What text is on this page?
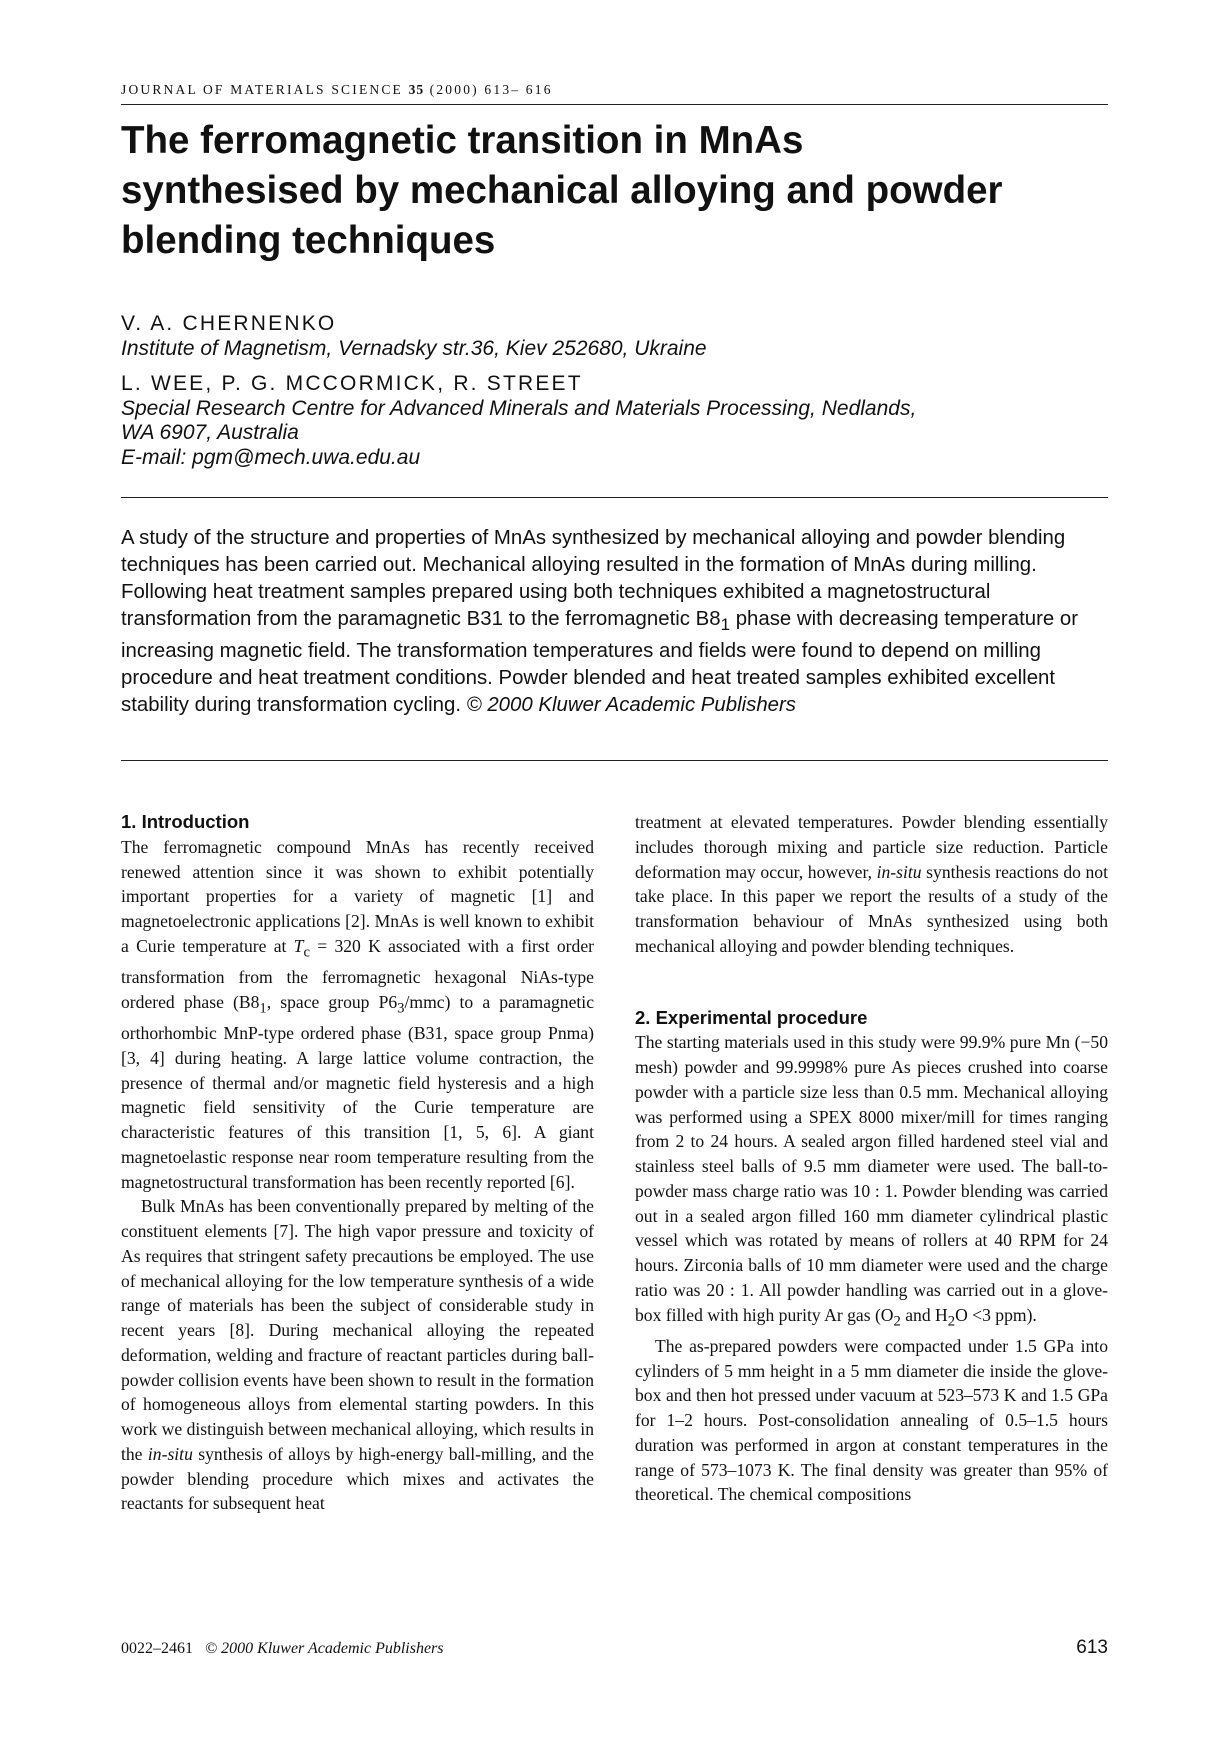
JOURNAL OF MATERIALS SCIENCE 35 (2000) 613– 616
The ferromagnetic transition in MnAs synthesised by mechanical alloying and powder blending techniques
V. A. CHERNENKO
Institute of Magnetism, Vernadsky str.36, Kiev 252680, Ukraine
L. WEE, P. G. MCCORMICK, R. STREET
Special Research Centre for Advanced Minerals and Materials Processing, Nedlands,
WA 6907, Australia
E-mail: pgm@mech.uwa.edu.au

A study of the structure and properties of MnAs synthesized by mechanical alloying and powder blending techniques has been carried out. Mechanical alloying resulted in the formation of MnAs during milling. Following heat treatment samples prepared using both techniques exhibited a magnetostructural transformation from the paramagnetic B31 to the ferromagnetic $B8_1$ phase with decreasing temperature or increasing magnetic field. The transformation temperatures and fields were found to depend on milling procedure and heat treatment conditions. Powder blended and heat treated samples exhibited excellent stability during transformation cycling. © 2000 Kluwer Academic Publishers

1. Introduction

The ferromagnetic compound MnAs has recently received renewed attention since it was shown to exhibit potentially important properties for a variety of magnetic [1] and magnetoelectronic applications [2]. MnAs is well known to exhibit a Curie temperature at $T_c = 320$ K associated with a first order transformation from the ferromagnetic hexagonal NiAs-type ordered phase ($B8_1$, space group $P6_3/mmc$) to a paramagnetic orthorhombic MnP-type ordered phase (B31, space group Pnma) [3, 4] during heating. A large lattice volume contraction, the presence of thermal and/or magnetic field hysteresis and a high magnetic field sensitivity of the Curie temperature are characteristic features of this transition [1, 5, 6]. A giant magnetoelastic response near room temperature resulting from the magnetostructural transformation has been recently reported [6].

Bulk MnAs has been conventionally prepared by melting of the constituent elements [7]. The high vapor pressure and toxicity of As requires that stringent safety precautions be employed. The use of mechanical alloying for the low temperature synthesis of a wide range of materials has been the subject of considerable study in recent years [8]. During mechanical alloying the repeated deformation, welding and fracture of reactant particles during ball-powder collision events have been shown to result in the formation of homogeneous alloys from elemental starting powders. In this work we distinguish between mechanical alloying, which results in the in-situ synthesis of alloys by high-energy ball-milling, and the powder blending procedure which mixes and activates the reactants for subsequent heat

treatment at elevated temperatures. Powder blending essentially includes thorough mixing and particle size reduction. Particle deformation may occur, however, in-situ synthesis reactions do not take place. In this paper we report the results of a study of the transformation behaviour of MnAs synthesized using both mechanical alloying and powder blending techniques.

2. Experimental procedure

The starting materials used in this study were 99.9% pure Mn (−50 mesh) powder and 99.9998% pure As pieces crushed into coarse powder with a particle size less than 0.5 mm. Mechanical alloying was performed using a SPEX 8000 mixer/mill for times ranging from 2 to 24 hours. A sealed argon filled hardened steel vial and stainless steel balls of 9.5 mm diameter were used. The ball-to-powder mass charge ratio was 10 : 1. Powder blending was carried out in a sealed argon filled 160 mm diameter cylindrical plastic vessel which was rotated by means of rollers at 40 RPM for 24 hours. Zirconia balls of 10 mm diameter were used and the charge ratio was 20 : 1. All powder handling was carried out in a glove-box filled with high purity Ar gas ($O_2$ and $H_2O <3$ ppm).

The as-prepared powders were compacted under 1.5 GPa into cylinders of 5 mm height in a 5 mm diameter die inside the glove-box and then hot pressed under vacuum at 523–573 K and 1.5 GPa for 1–2 hours. Post-consolidation annealing of 0.5–1.5 hours duration was performed in argon at constant temperatures in the range of 573–1073 K. The final density was greater than 95% of theoretical. The chemical compositions

0022–2461 © 2000 Kluwer Academic Publishers	613
